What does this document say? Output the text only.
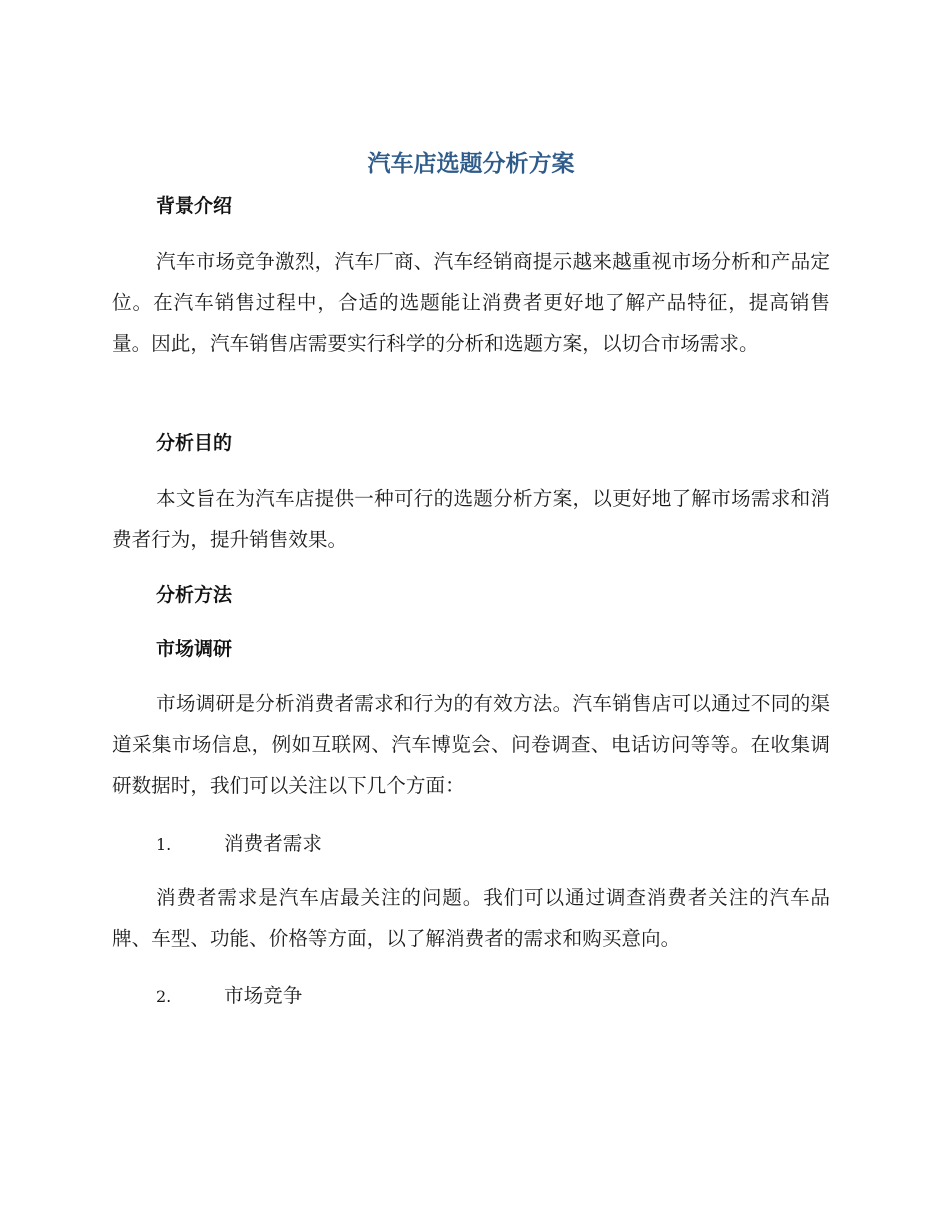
汽车店选题分析方案
背景介绍

汽车市场竞争激烈，汽车厂商、汽车经销商提示越来越重视市场分析和产品定位。在汽车销售过程中，合适的选题能让消费者更好地了解产品特征，提高销售量。因此，汽车销售店需要实行科学的分析和选题方案，以切合市场需求。

分析目的

本文旨在为汽车店提供一种可行的选题分析方案，以更好地了解市场需求和消费者行为，提升销售效果。

分析方法
市场调研

市场调研是分析消费者需求和行为的有效方法。汽车销售店可以通过不同的渠道采集市场信息，例如互联网、汽车博览会、问卷调查、电话访问等等。在收集调研数据时，我们可以关注以下几个方面：

1.	消费者需求

消费者需求是汽车店最关注的问题。我们可以通过调查消费者关注的汽车品牌、车型、功能、价格等方面，以了解消费者的需求和购买意向。

2.	市场竞争
